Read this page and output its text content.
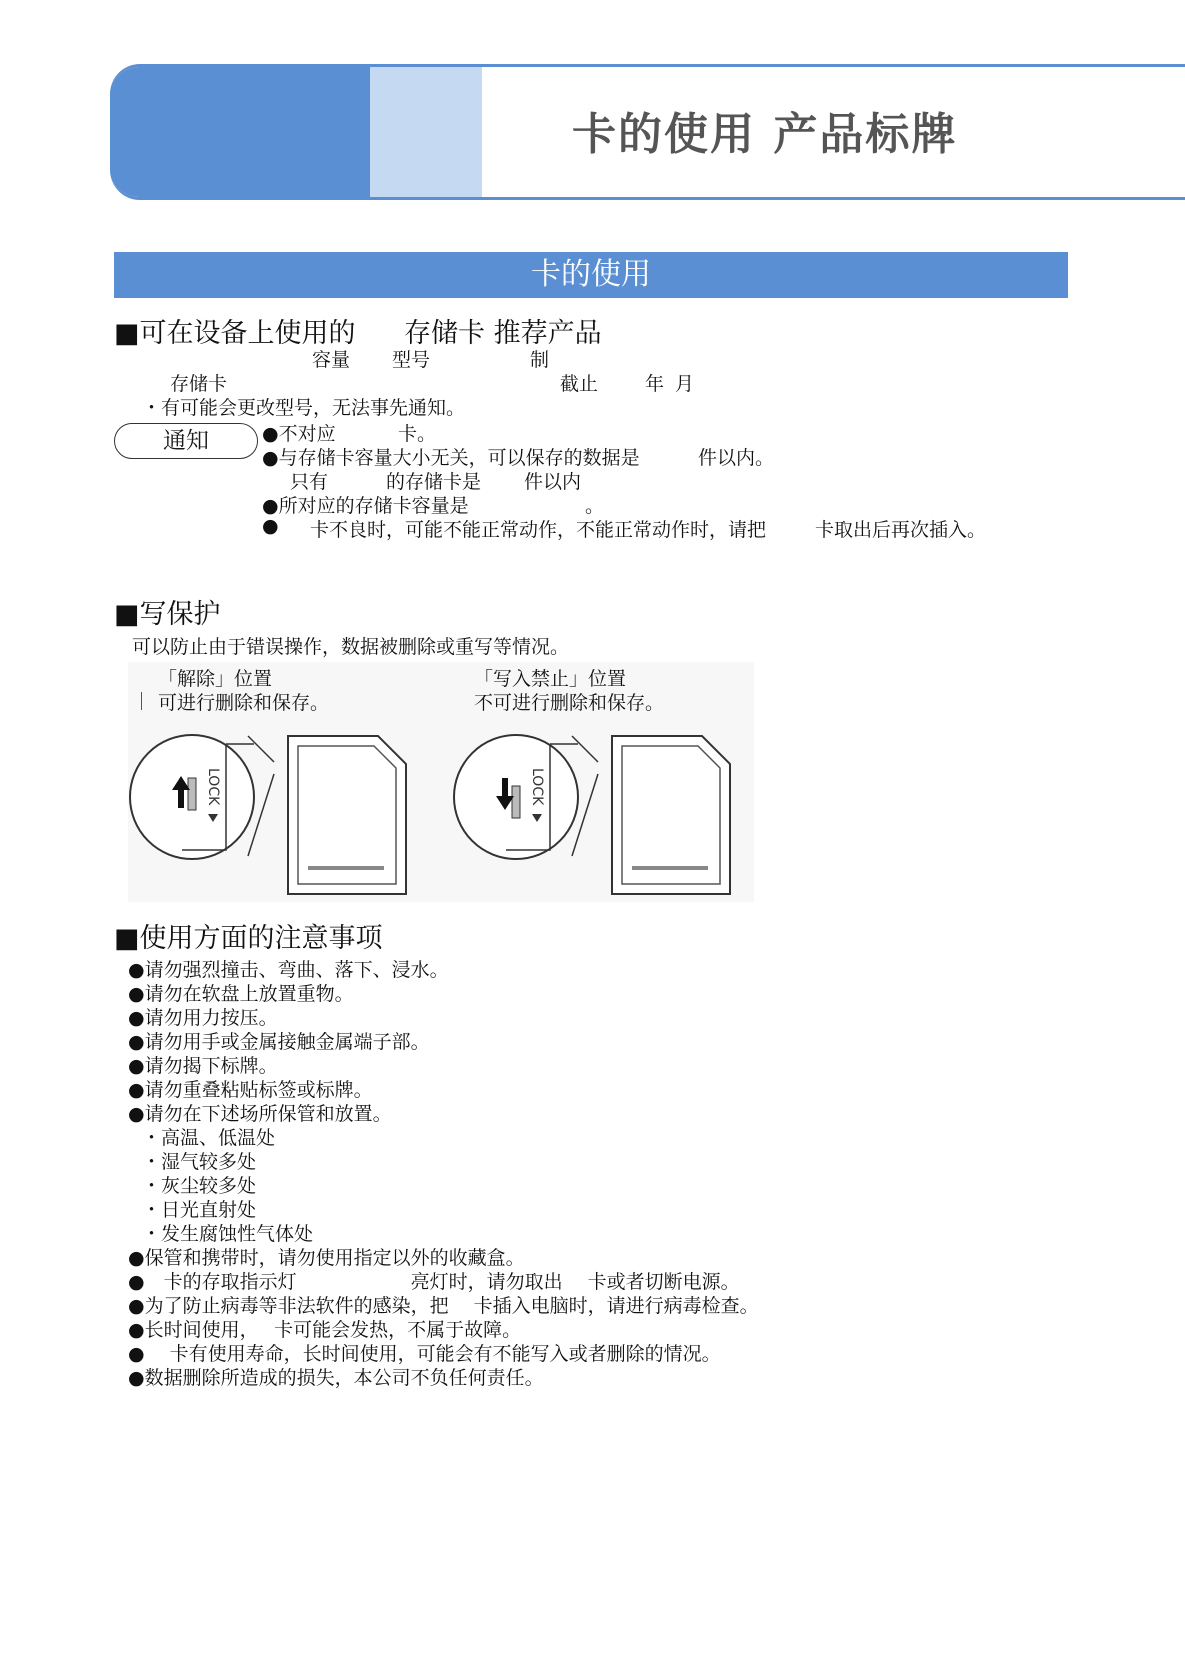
卡的使用 产品标牌
卡的使用
■可在设备上使用的 存储卡 推荐产品
容量 型号	制
存储卡	截止 年 月
・有可能会更改型号，无法事先通知。
通知	●不对应	卡。
●与存储卡容量大小无关，可以保存的数据是	件以内。
只有	的存储卡是 件以内
●所对应的存储卡容量是	。
● 卡不良时，可能不能正常动作，不能正常动作时，请把	卡取出后再次插入。
■写保护
可以防止由于错误操作，数据被删除或重写等情况。
「解除」位置
可进行删除和保存。
「写入禁止」位置
不可进行删除和保存。
LOCK	LOCK
■使用方面的注意事项
●请勿强烈撞击、弯曲、落下、浸水。
●请勿在软盘上放置重物。
●请勿用力按压。
●请勿用手或金属接触金属端子部。
●请勿揭下标牌。
●请勿重叠粘贴标签或标牌。
●请勿在下述场所保管和放置。
・高温、低温处
・湿气较多处
・灰尘较多处
・日光直射处
・发生腐蚀性气体处
●保管和携带时，请勿使用指定以外的收藏盒。
●　卡的存取指示灯　　　　　　亮灯时，请勿取出　 卡或者切断电源。
●为了防止病毒等非法软件的感染，把　 卡插入电脑时，请进行病毒检查。
●长时间使用，　 卡可能会发热，不属于故障。
●　 卡有使用寿命，长时间使用，可能会有不能写入或者删除的情况。
●数据删除所造成的损失，本公司不负任何责任。
